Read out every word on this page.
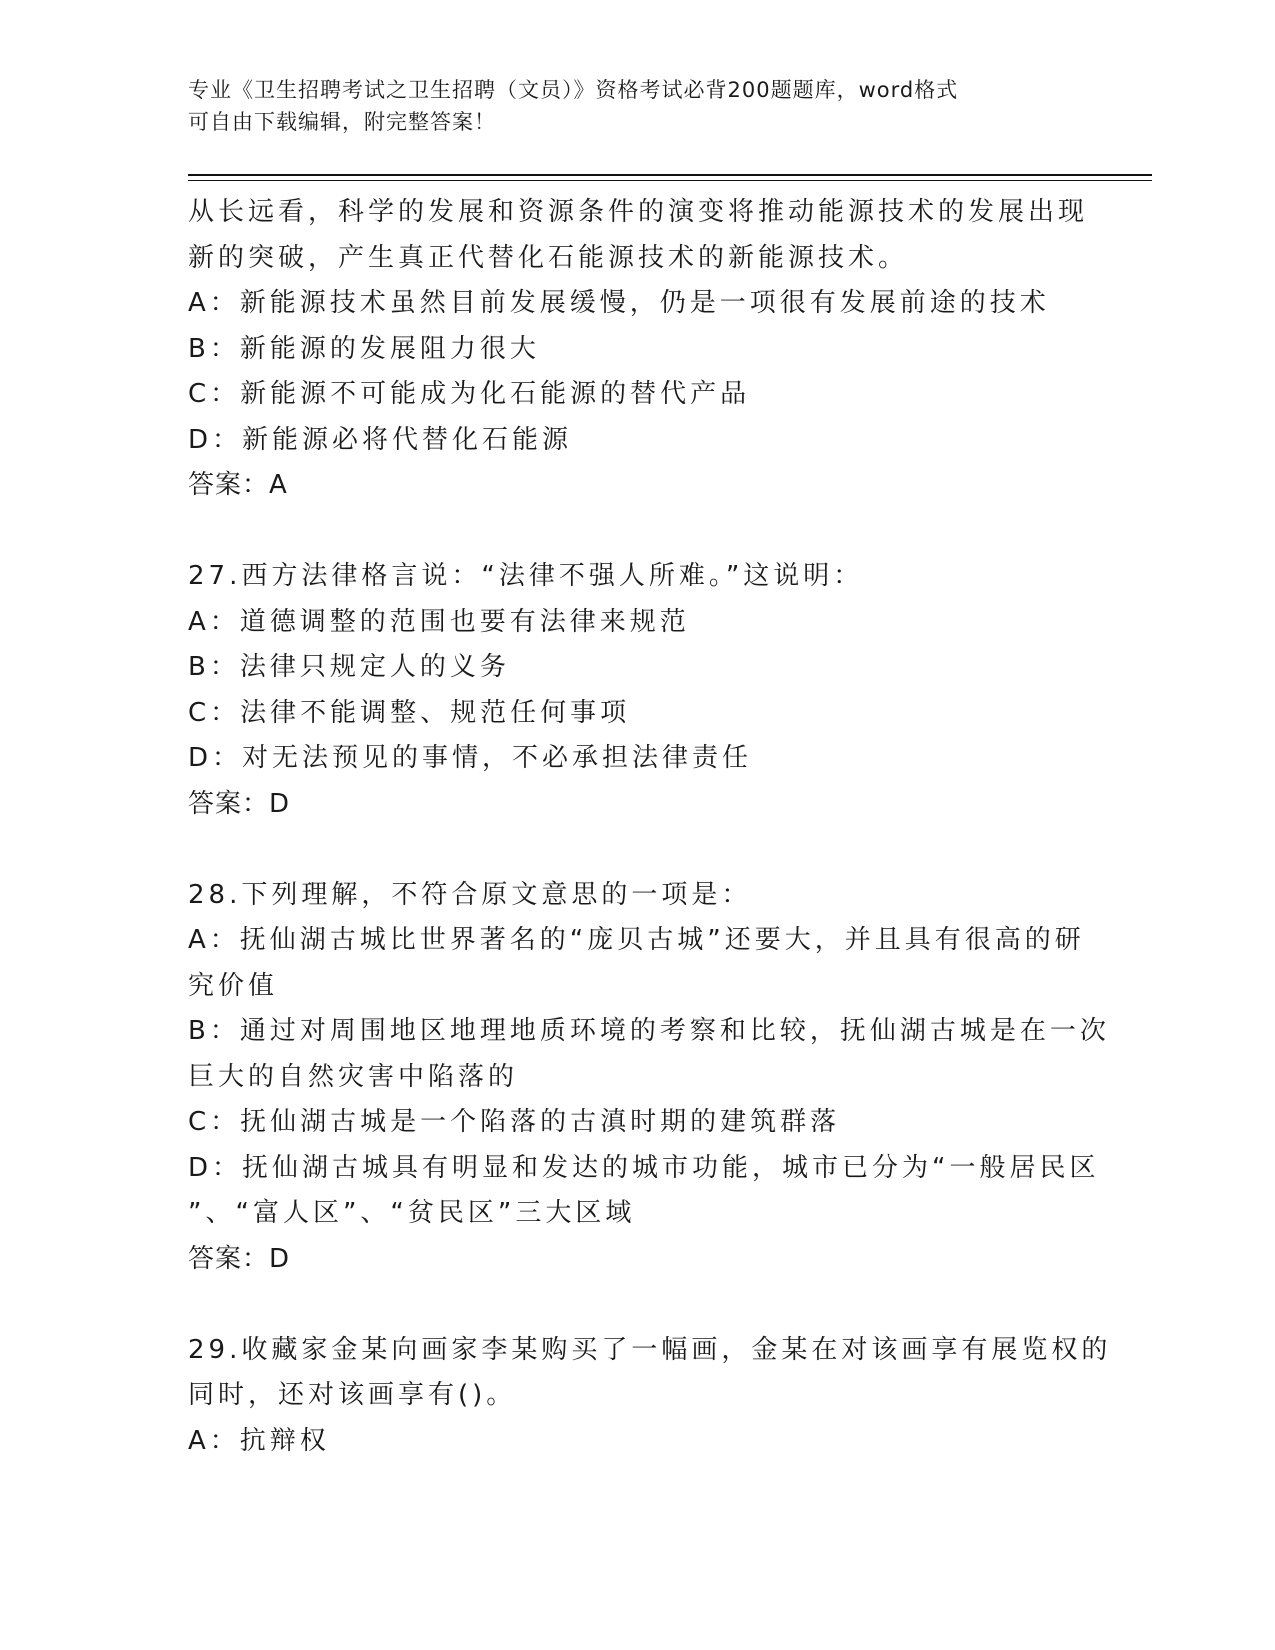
专业《卫生招聘考试之卫生招聘（文员）》资格考试必背200题题库，word格式
可自由下载编辑，附完整答案！
从长远看，科学的发展和资源条件的演变将推动能源技术的发展出现
新的突破，产生真正代替化石能源技术的新能源技术。
A：新能源技术虽然目前发展缓慢，仍是一项很有发展前途的技术
B：新能源的发展阻力很大
C：新能源不可能成为化石能源的替代产品
D：新能源必将代替化石能源
答案：A
27.西方法律格言说：“法律不强人所难。”这说明：
A：道德调整的范围也要有法律来规范
B：法律只规定人的义务
C：法律不能调整、规范任何事项
D：对无法预见的事情，不必承担法律责任
答案：D
28.下列理解，不符合原文意思的一项是：
A：抚仙湖古城比世界著名的“庞贝古城”还要大，并且具有很高的研
究价值
B：通过对周围地区地理地质环境的考察和比较，抚仙湖古城是在一次
巨大的自然灾害中陷落的
C：抚仙湖古城是一个陷落的古滇时期的建筑群落
D：抚仙湖古城具有明显和发达的城市功能，城市已分为“一般居民区
”、“富人区”、“贫民区”三大区域
答案：D
29.收藏家金某向画家李某购买了一幅画，金某在对该画享有展览权的
同时，还对该画享有()。
A：抗辩权
